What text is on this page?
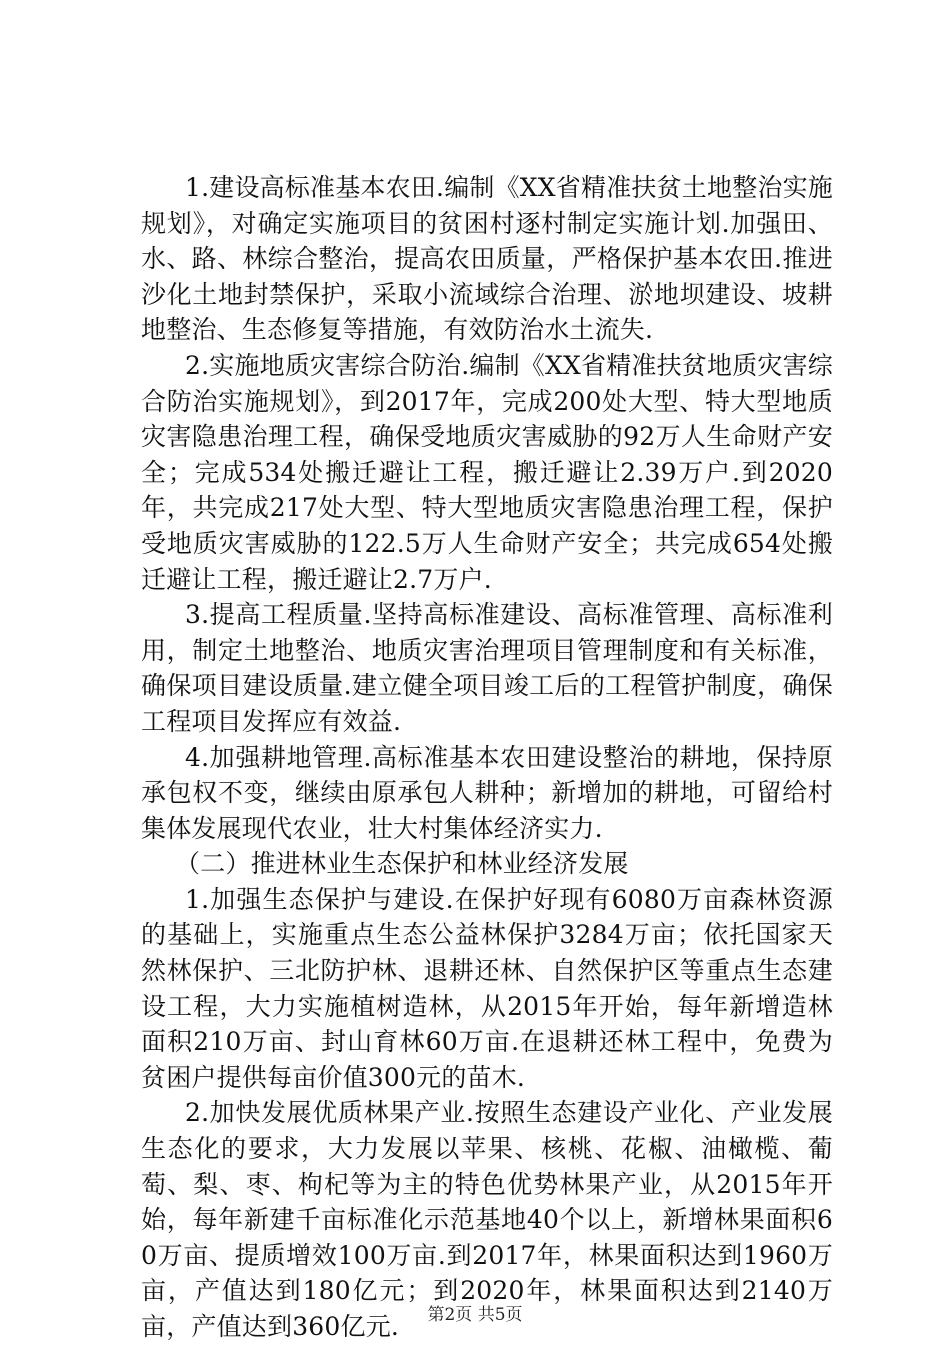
1.建设高标准基本农田.编制《XX省精准扶贫土地整治实施规划》，对确定实施项目的贫困村逐村制定实施计划.加强田、水、路、林综合整治，提高农田质量，严格保护基本农田.推进沙化土地封禁保护，采取小流域综合治理、淤地坝建设、坡耕地整治、生态修复等措施，有效防治水土流失.

2.实施地质灾害综合防治.编制《XX省精准扶贫地质灾害综合防治实施规划》，到2017年，完成200处大型、特大型地质灾害隐患治理工程，确保受地质灾害威胁的92万人生命财产安全；完成534处搬迁避让工程，搬迁避让2.39万户.到2020年，共完成217处大型、特大型地质灾害隐患治理工程，保护受地质灾害威胁的122.5万人生命财产安全；共完成654处搬迁避让工程，搬迁避让2.7万户.

3.提高工程质量.坚持高标准建设、高标准管理、高标准利用，制定土地整治、地质灾害治理项目管理制度和有关标准，确保项目建设质量.建立健全项目竣工后的工程管护制度，确保工程项目发挥应有效益.

4.加强耕地管理.高标准基本农田建设整治的耕地，保持原承包权不变，继续由原承包人耕种；新增加的耕地，可留给村集体发展现代农业，壮大村集体经济实力.

（二）推进林业生态保护和林业经济发展

1.加强生态保护与建设.在保护好现有6080万亩森林资源的基础上，实施重点生态公益林保护3284万亩；依托国家天然林保护、三北防护林、退耕还林、自然保护区等重点生态建设工程，大力实施植树造林，从2015年开始，每年新增造林面积210万亩、封山育林60万亩.在退耕还林工程中，免费为贫困户提供每亩价值300元的苗木.

2.加快发展优质林果产业.按照生态建设产业化、产业发展生态化的要求，大力发展以苹果、核桃、花椒、油橄榄、葡萄、梨、枣、枸杞等为主的特色优势林果产业，从2015年开始，每年新建千亩标准化示范基地40个以上，新增林果面积60万亩、提质增效100万亩.到2017年，林果面积达到1960万亩，产值达到180亿元；到2020年，林果面积达到2140万亩，产值达到360亿元.	第2页 共5页
